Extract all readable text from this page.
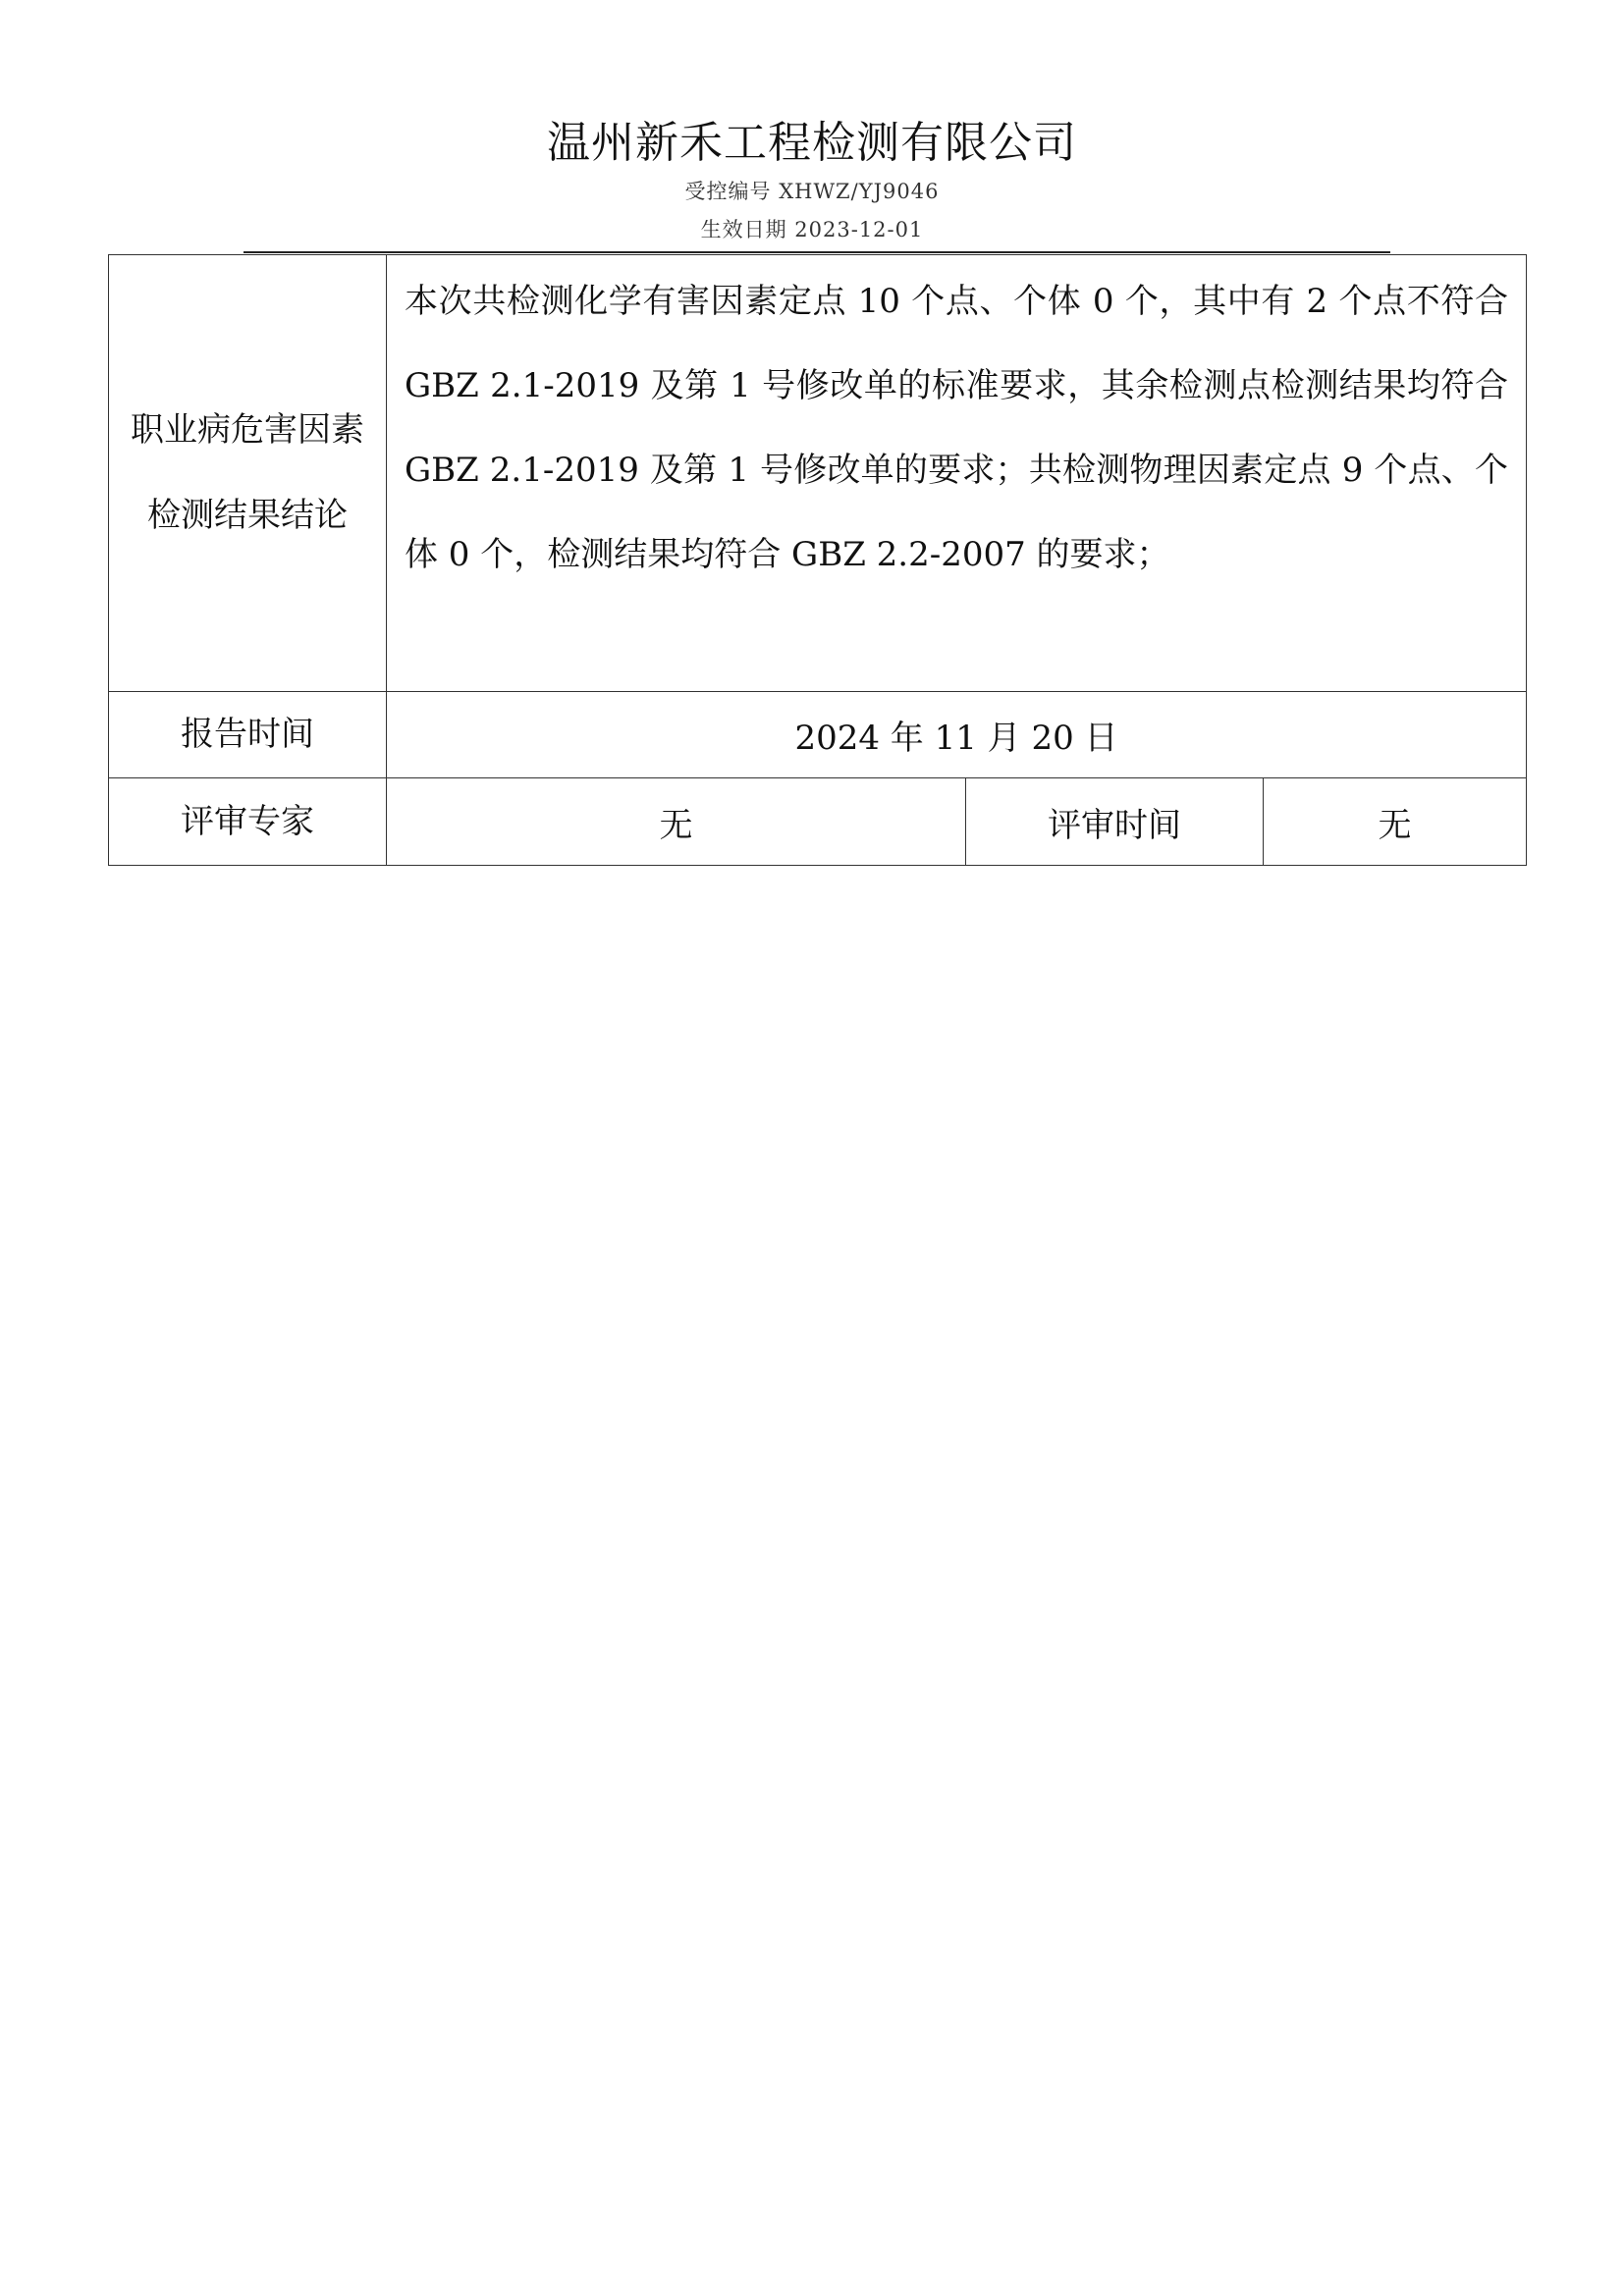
温州新禾工程检测有限公司
受控编号 XHWZ/YJ9046
生效日期 2023-12-01
职业病危害因素检测结果结论	本次共检测化学有害因素定点 10 个点、个体 0 个，其中有 2 个点不符合 GBZ 2.1-2019 及第 1 号修改单的标准要求，其余检测点检测结果均符合 GBZ 2.1-2019 及第 1 号修改单的要求；共检测物理因素定点 9 个点、个体 0 个，检测结果均符合 GBZ 2.2-2007 的要求；		
报告时间	2024 年 11 月 20 日		
评审专家	无	评审时间	无
